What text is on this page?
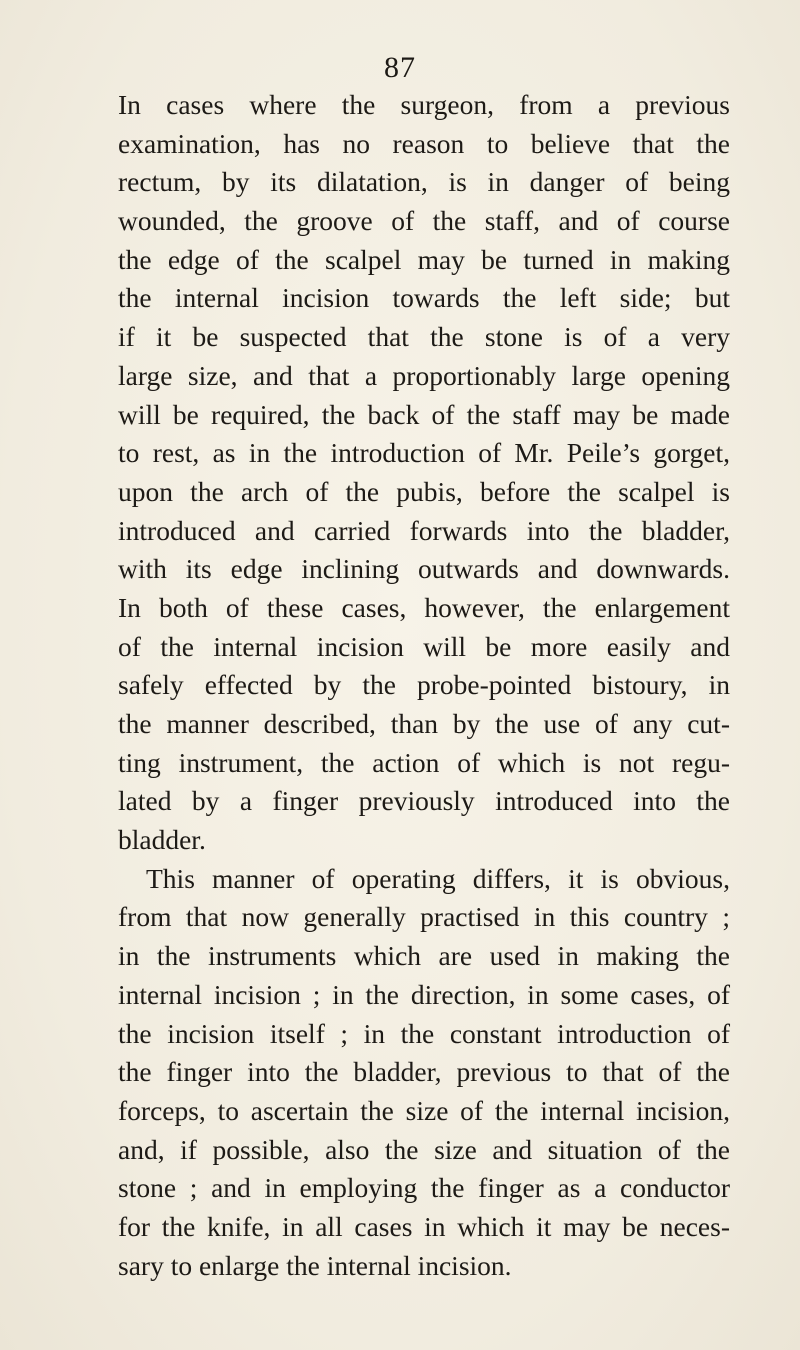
87
In cases where the surgeon, from a previous
examination, has no reason to believe that the
rectum, by its dilatation, is in danger of being
wounded, the groove of the staff, and of course
the edge of the scalpel may be turned in making
the internal incision towards the left side; but
if it be suspected that the stone is of a very
large size, and that a proportionably large opening
will be required, the back of the staff may be made
to rest, as in the introduction of Mr. Peile’s gorget,
upon the arch of the pubis, before the scalpel is
introduced and carried forwards into the bladder,
with its edge inclining outwards and downwards.
In both of these cases, however, the enlargement
of the internal incision will be more easily and
safely effected by the probe-pointed bistoury, in
the manner described, than by the use of any cut-
ting instrument, the action of which is not regu-
lated by a finger previously introduced into the
bladder.
This manner of operating differs, it is obvious,
from that now generally practised in this country ;
in the instruments which are used in making the
internal incision ; in the direction, in some cases, of
the incision itself ; in the constant introduction of
the finger into the bladder, previous to that of the
forceps, to ascertain the size of the internal incision,
and, if possible, also the size and situation of the
stone ; and in employing the finger as a conductor
for the knife, in all cases in which it may be neces-
sary to enlarge the internal incision.
